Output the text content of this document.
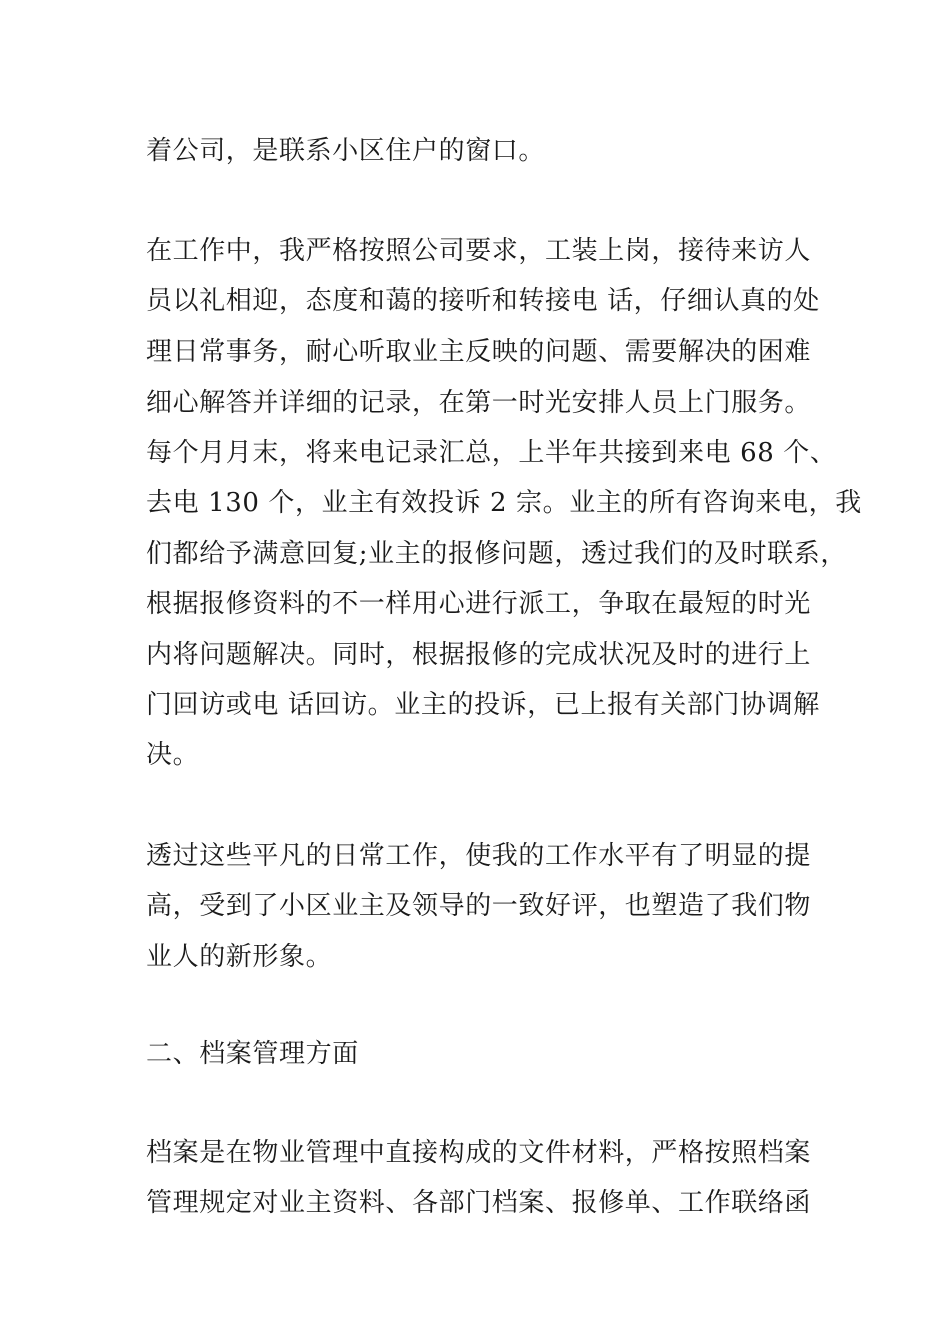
着公司，是联系小区住户的窗口。
在工作中，我严格按照公司要求，工装上岗，接待来访人
员以礼相迎，态度和蔼的接听和转接电 话，仔细认真的处
理日常事务，耐心听取业主反映的问题、需要解决的困难
细心解答并详细的记录，在第一时光安排人员上门服务。
每个月月末，将来电记录汇总，上半年共接到来电 68 个、
去电 130 个，业主有效投诉 2 宗。业主的所有咨询来电，我
们都给予满意回复;业主的报修问题，透过我们的及时联系，
根据报修资料的不一样用心进行派工，争取在最短的时光
内将问题解决。同时，根据报修的完成状况及时的进行上
门回访或电 话回访。业主的投诉，已上报有关部门协调解
决。
透过这些平凡的日常工作，使我的工作水平有了明显的提
高，受到了小区业主及领导的一致好评，也塑造了我们物
业人的新形象。
二、档案管理方面
档案是在物业管理中直接构成的文件材料，严格按照档案
管理规定对业主资料、各部门档案、报修单、工作联络函
